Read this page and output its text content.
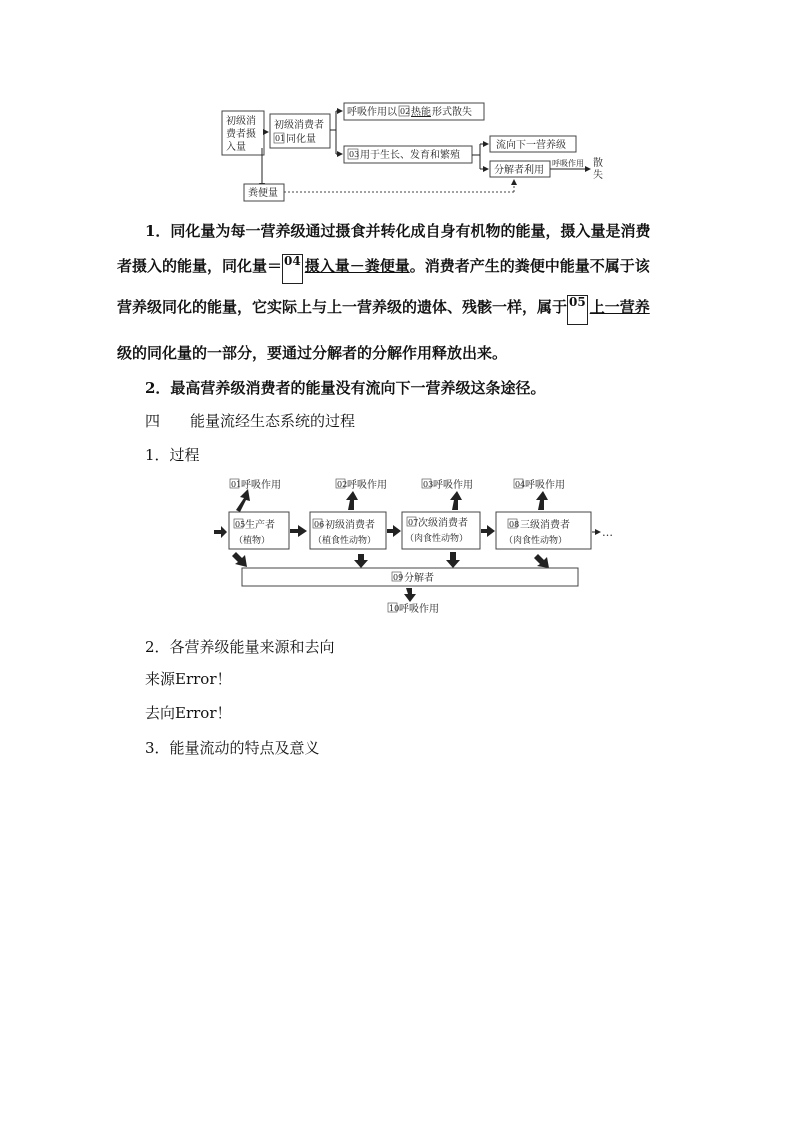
初级消
费者摄
入量
初级消费者
01 同化量
呼吸作用以 02 热能 形式散失
03 用于生长、发育和繁殖
流向下一营养级
分解者利用
呼吸作用 散
失
粪便量
1．同化量为每一营养级通过摄食并转化成自身有机物的能量，摄入量是消费
者摄入的能量，同化量＝ 04 摄入量－粪便量。消费者产生的粪便中能量不属于该
营养级同化的能量，它实际上与上一营养级的遗体、残骸一样，属于 05 上一营养
级的同化量的一部分，要通过分解者的分解作用释放出来。
2．最高营养级消费者的能量没有流向下一营养级这条途径。
四 能量流经生态系统的过程
1．过程
01 呼吸作用	02 呼吸作用	03 呼吸作用	04 呼吸作用
05 生产者
（植物）
06 初级消费者
（植食性动物）
07 次级消费者
（肉食性动物）
08 三级消费者
（肉食性动物）
…
09 分解者
10 呼吸作用
2．各营养级能量来源和去向
来源Error！
去向Error！
3．能量流动的特点及意义
